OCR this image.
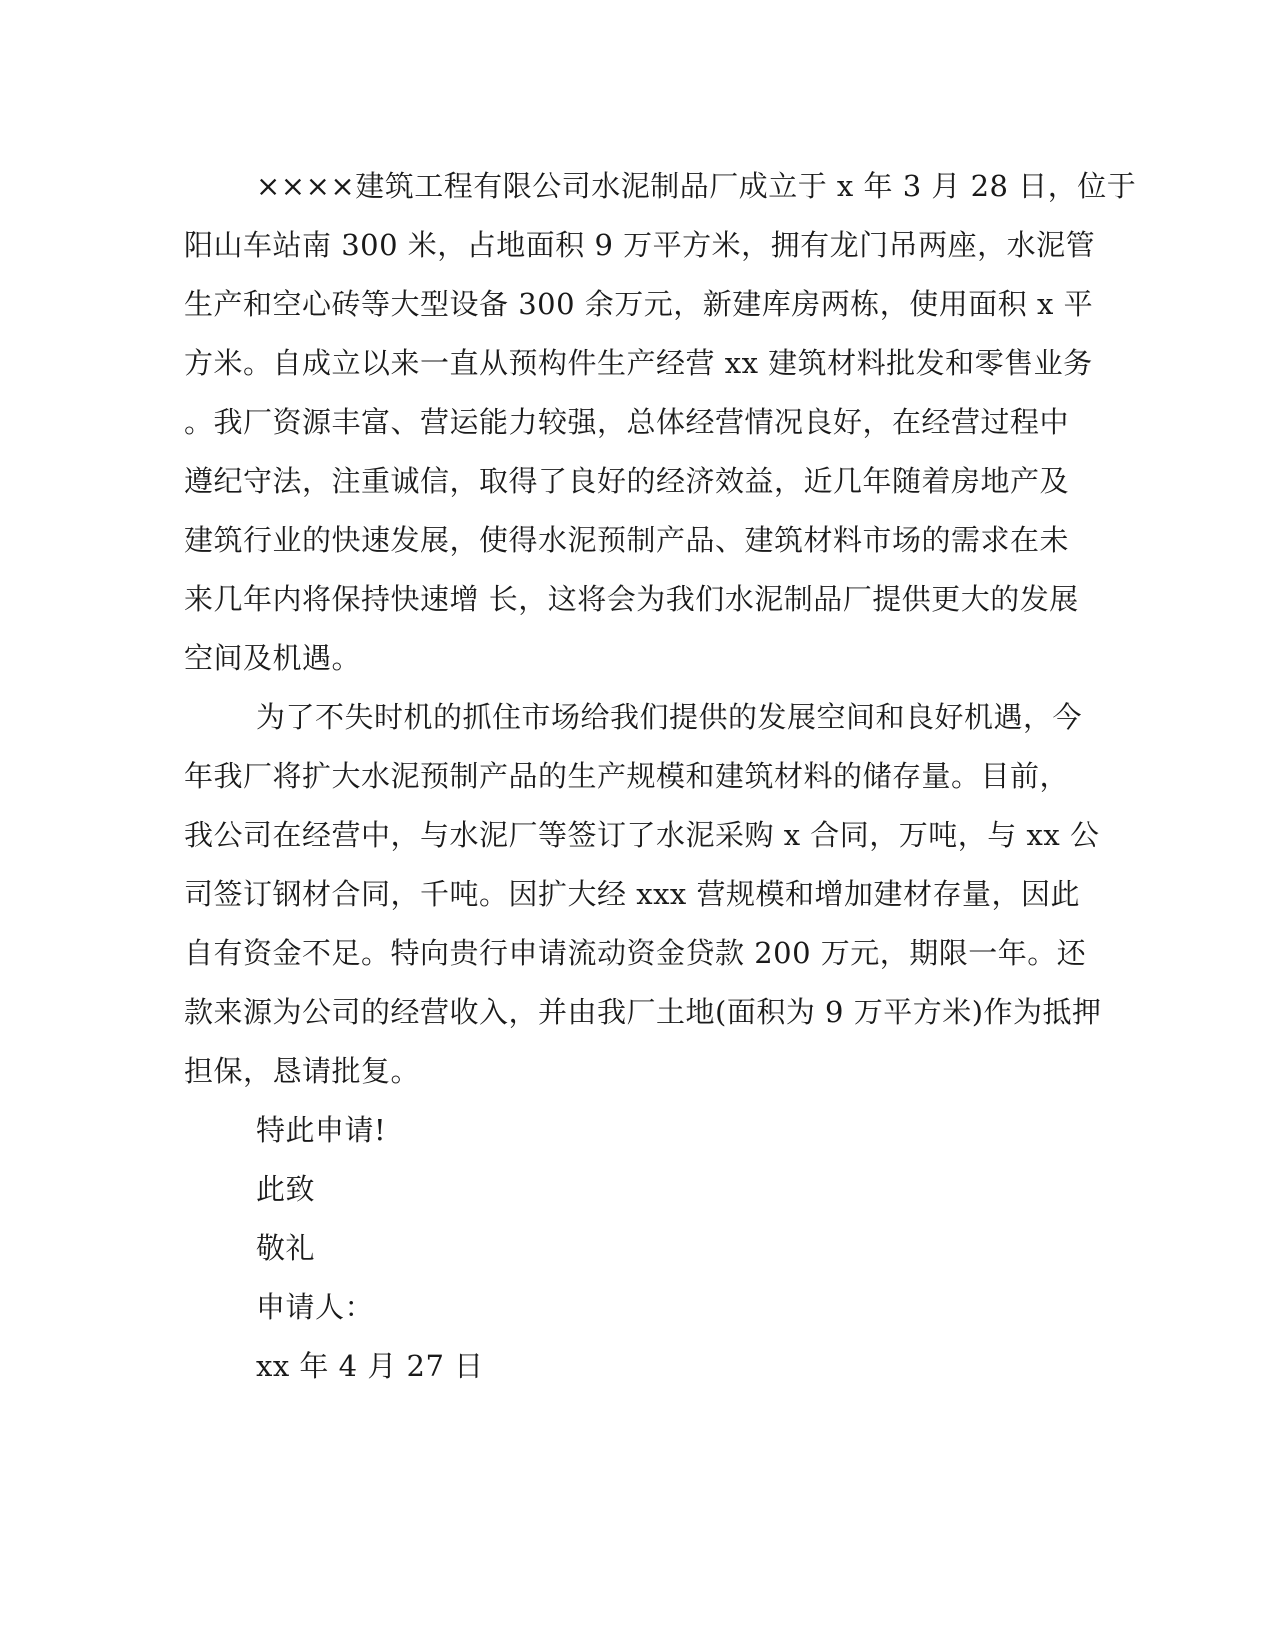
××××建筑工程有限公司水泥制品厂成立于 x 年 3 月 28 日，位于
阳山车站南 300 米，占地面积 9 万平方米，拥有龙门吊两座，水泥管
生产和空心砖等大型设备 300 余万元，新建库房两栋，使用面积 x 平
方米。自成立以来一直从预构件生产经营 xx 建筑材料批发和零售业务
。我厂资源丰富、营运能力较强，总体经营情况良好，在经营过程中
遵纪守法，注重诚信，取得了良好的经济效益，近几年随着房地产及
建筑行业的快速发展，使得水泥预制产品、建筑材料市场的需求在未
来几年内将保持快速增 长，这将会为我们水泥制品厂提供更大的发展
空间及机遇。
为了不失时机的抓住市场给我们提供的发展空间和良好机遇，今
年我厂将扩大水泥预制产品的生产规模和建筑材料的储存量。目前，
我公司在经营中，与水泥厂等签订了水泥采购 x 合同，万吨，与 xx 公
司签订钢材合同，千吨。因扩大经 xxx 营规模和增加建材存量，因此
自有资金不足。特向贵行申请流动资金贷款 200 万元，期限一年。还
款来源为公司的经营收入，并由我厂土地(面积为 9 万平方米)作为抵押
担保，恳请批复。
特此申请!
此致
敬礼
申请人：
xx 年 4 月 27 日
